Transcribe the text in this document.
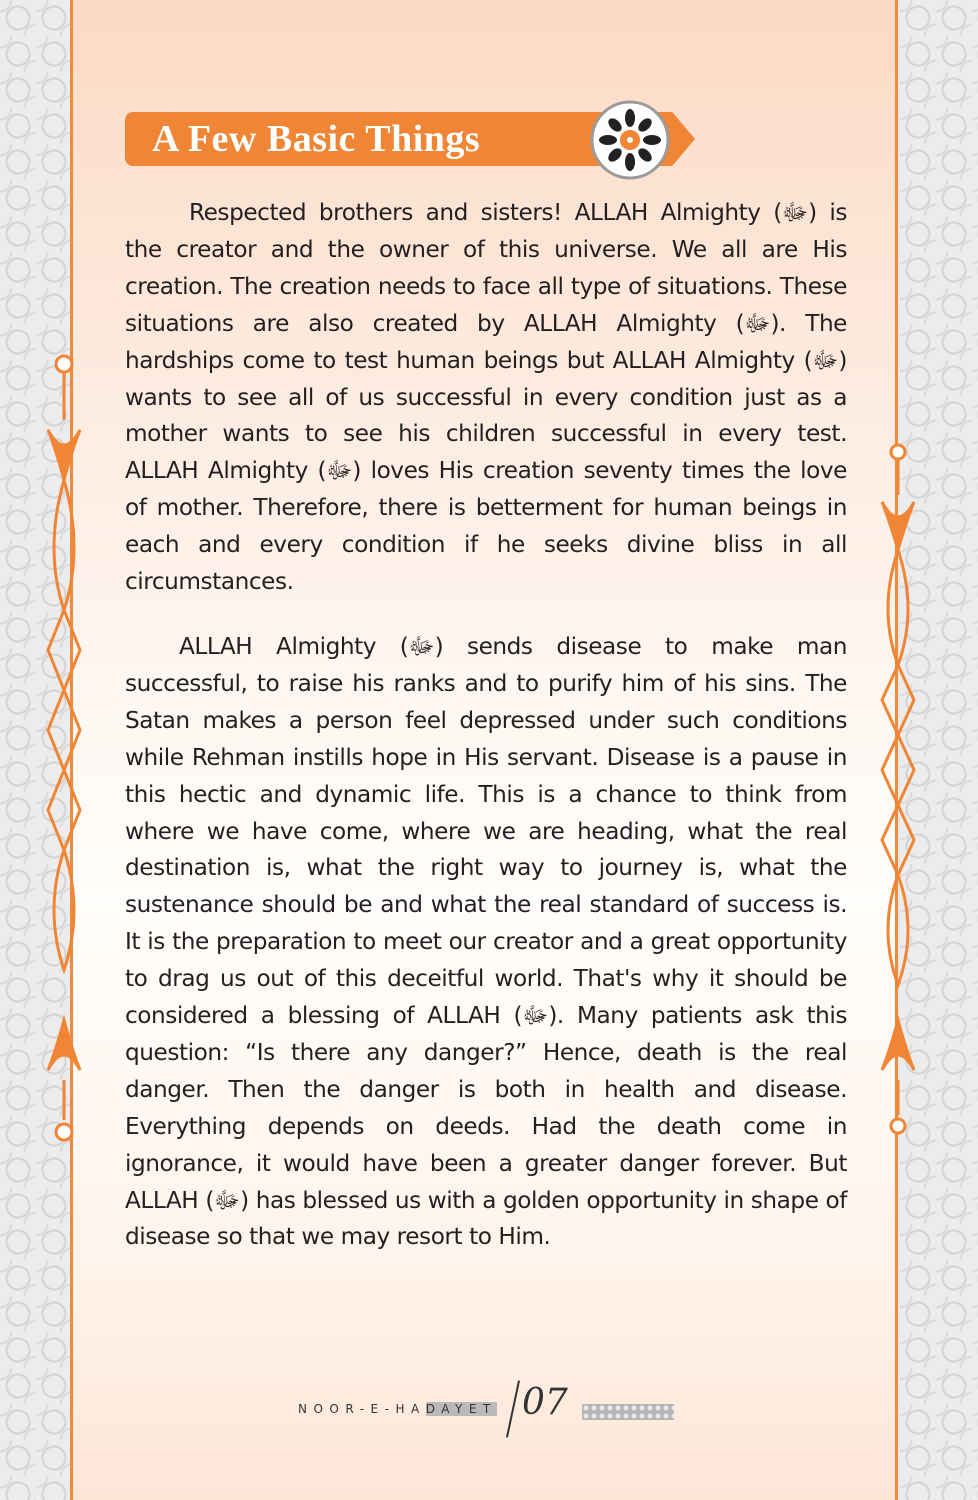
A Few Basic Things

Respected brothers and sisters! ALLAH Almighty (ﷻ) is the creator and the owner of this universe. We all are His creation. The creation needs to face all type of situations. These situations are also created by ALLAH Almighty (ﷻ). The hardships come to test human beings but ALLAH Almighty (ﷻ) wants to see all of us successful in every condition just as a mother wants to see his children successful in every test. ALLAH Almighty (ﷻ) loves His creation seventy times the love of mother. Therefore, there is betterment for human beings in each and every condition if he seeks divine bliss in all circumstances.

ALLAH Almighty (ﷻ) sends disease to make man successful, to raise his ranks and to purify him of his sins. The Satan makes a person feel depressed under such conditions while Rehman instills hope in His servant. Disease is a pause in this hectic and dynamic life. This is a chance to think from where we have come, where we are heading, what the real destination is, what the right way to journey is, what the sustenance should be and what the real standard of success is. It is the preparation to meet our creator and a great opportunity to drag us out of this deceitful world. That's why it should be considered a blessing of ALLAH (ﷻ). Many patients ask this question: “Is there any danger?” Hence, death is the real danger. Then the danger is both in health and disease. Everything depends on deeds. Had the death come in ignorance, it would have been a greater danger forever. But ALLAH (ﷻ) has blessed us with a golden opportunity in shape of disease so that we may resort to Him.

NOOR-E-HADAYET 07
